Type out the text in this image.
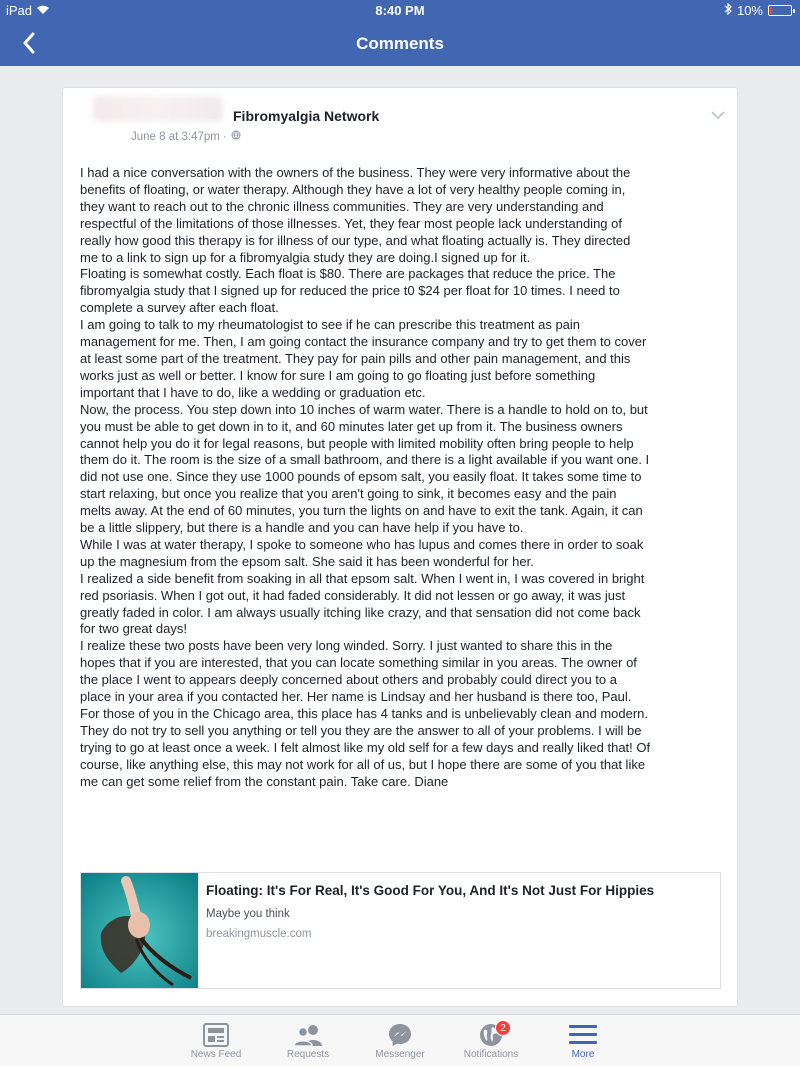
iPad	8:40 PM	10%
Comments
Fibromyalgia Network
June 8 at 3:47pm ·
I had a nice conversation with the owners of the business. They were very informative about the
benefits of floating, or water therapy. Although they have a lot of very healthy people coming in,
they want to reach out to the chronic illness communities. They are very understanding and
respectful of the limitations of those illnesses. Yet, they fear most people lack understanding of
really how good this therapy is for illness of our type, and what floating actually is. They directed
me to a link to sign up for a fibromyalgia study they are doing.I signed up for it.
Floating is somewhat costly. Each float is $80. There are packages that reduce the price. The
fibromyalgia study that I signed up for reduced the price t0 $24 per float for 10 times. I need to
complete a survey after each float.
I am going to talk to my rheumatologist to see if he can prescribe this treatment as pain
management for me. Then, I am going contact the insurance company and try to get them to cover
at least some part of the treatment. They pay for pain pills and other pain management, and this
works just as well or better. I know for sure I am going to go floating just before something
important that I have to do, like a wedding or graduation etc.
Now, the process. You step down into 10 inches of warm water. There is a handle to hold on to, but
you must be able to get down in to it, and 60 minutes later get up from it. The business owners
cannot help you do it for legal reasons, but people with limited mobility often bring people to help
them do it. The room is the size of a small bathroom, and there is a light available if you want one. I
did not use one. Since they use 1000 pounds of epsom salt, you easily float. It takes some time to
start relaxing, but once you realize that you aren't going to sink, it becomes easy and the pain
melts away. At the end of 60 minutes, you turn the lights on and have to exit the tank. Again, it can
be a little slippery, but there is a handle and you can have help if you have to.
While I was at water therapy, I spoke to someone who has lupus and comes there in order to soak
up the magnesium from the epsom salt. She said it has been wonderful for her.
I realized a side benefit from soaking in all that epsom salt. When I went in, I was covered in bright
red psoriasis. When I got out, it had faded considerably. It did not lessen or go away, it was just
greatly faded in color. I am always usually itching like crazy, and that sensation did not come back
for two great days!
I realize these two posts have been very long winded. Sorry. I just wanted to share this in the
hopes that if you are interested, that you can locate something similar in you areas. The owner of
the place I went to appears deeply concerned about others and probably could direct you to a
place in your area if you contacted her. Her name is Lindsay and her husband is there too, Paul.
For those of you in the Chicago area, this place has 4 tanks and is unbelievably clean and modern.
They do not try to sell you anything or tell you they are the answer to all of your problems. I will be
trying to go at least once a week. I felt almost like my old self for a few days and really liked that! Of
course, like anything else, this may not work for all of us, but I hope there are some of you that like
me can get some relief from the constant pain. Take care. Diane
Floating: It's For Real, It's Good For You, And It's Not Just For Hippies
Maybe you think
breakingmuscle.com
News Feed	Requests	Messenger
2
Notifications	More
